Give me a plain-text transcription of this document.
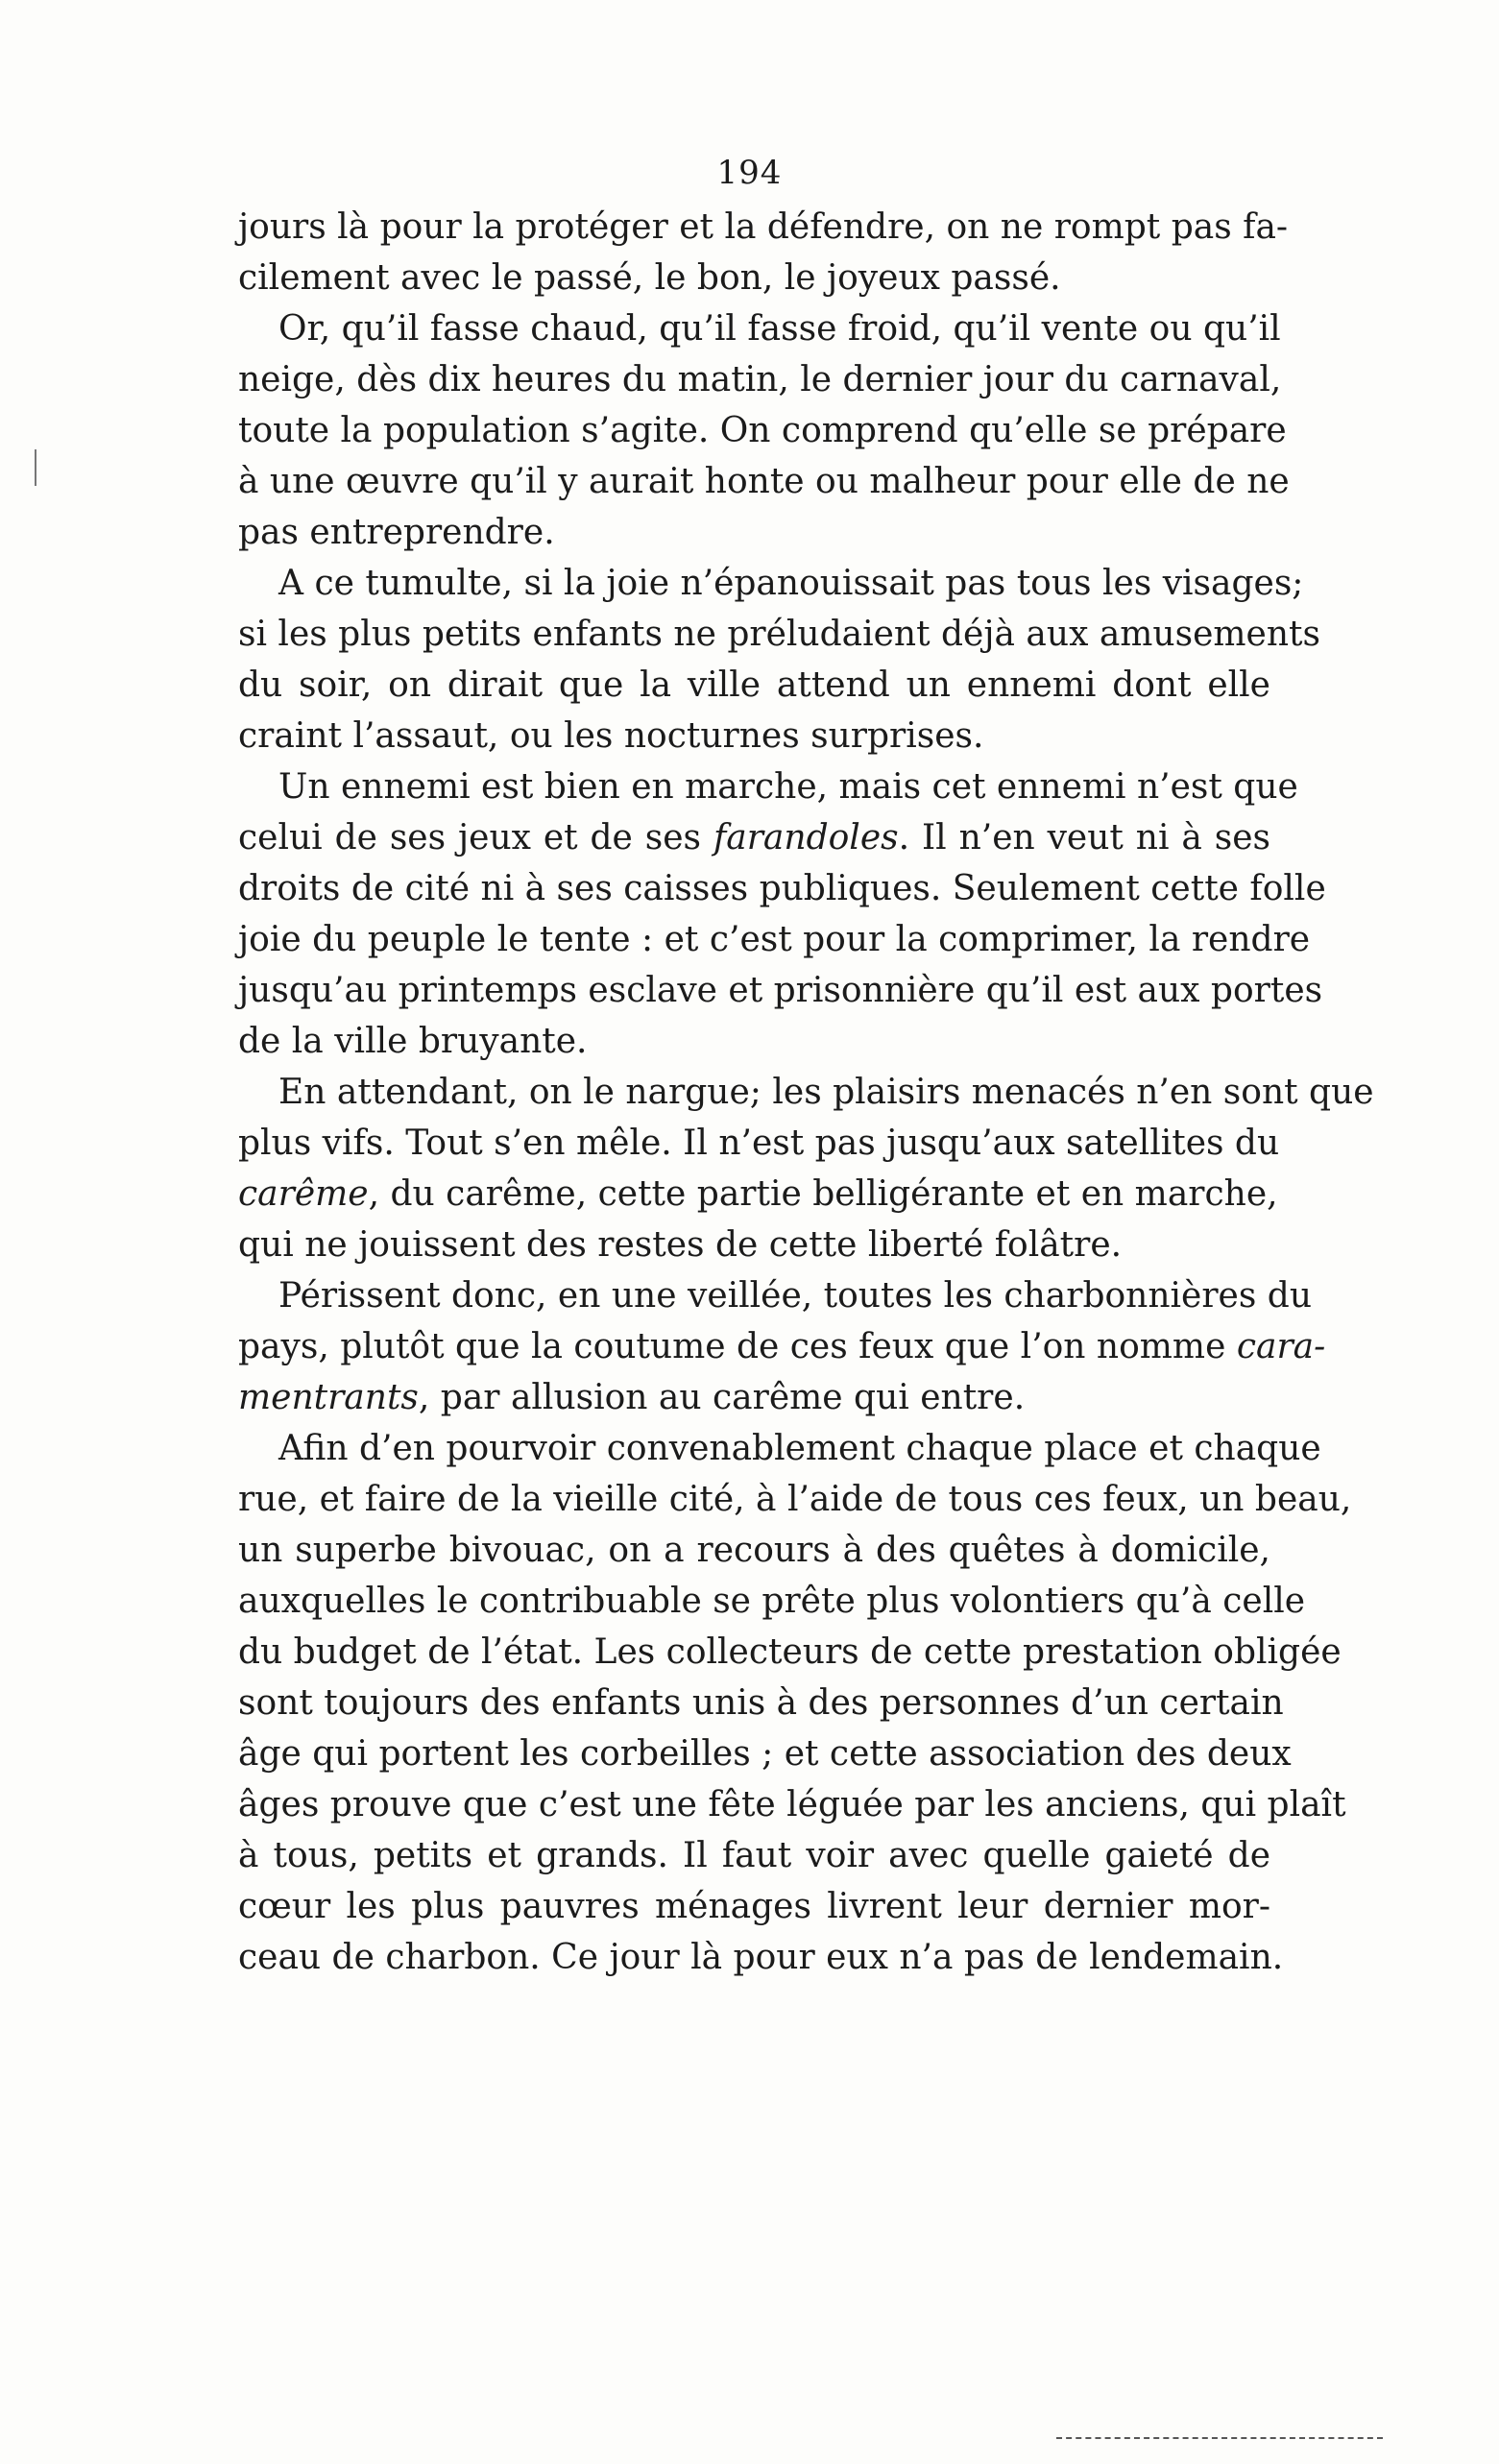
194
jours là pour la protéger et la défendre, on ne rompt pas fa-
cilement avec le passé, le bon, le joyeux passé.
Or, qu’il fasse chaud, qu’il fasse froid, qu’il vente ou qu’il
neige, dès dix heures du matin, le dernier jour du carnaval,
toute la population s’agite. On comprend qu’elle se prépare
à une œuvre qu’il y aurait honte ou malheur pour elle de ne
pas entreprendre.
A ce tumulte, si la joie n’épanouissait pas tous les visages;
si les plus petits enfants ne préludaient déjà aux amusements
du soir, on dirait que la ville attend un ennemi dont elle
craint l’assaut, ou les nocturnes surprises.
Un ennemi est bien en marche, mais cet ennemi n’est que
celui de ses jeux et de ses farandoles. Il n’en veut ni à ses
droits de cité ni à ses caisses publiques. Seulement cette folle
joie du peuple le tente : et c’est pour la comprimer, la rendre
jusqu’au printemps esclave et prisonnière qu’il est aux portes
de la ville bruyante.
En attendant, on le nargue; les plaisirs menacés n’en sont que
plus vifs. Tout s’en mêle. Il n’est pas jusqu’aux satellites du
carême, du carême, cette partie belligérante et en marche,
qui ne jouissent des restes de cette liberté folâtre.
Périssent donc, en une veillée, toutes les charbonnières du
pays, plutôt que la coutume de ces feux que l’on nomme cara-
mentrants, par allusion au carême qui entre.
Afin d’en pourvoir convenablement chaque place et chaque
rue, et faire de la vieille cité, à l’aide de tous ces feux, un beau,
un superbe bivouac, on a recours à des quêtes à domicile,
auxquelles le contribuable se prête plus volontiers qu’à celle
du budget de l’état. Les collecteurs de cette prestation obligée
sont toujours des enfants unis à des personnes d’un certain
âge qui portent les corbeilles ; et cette association des deux
âges prouve que c’est une fête léguée par les anciens, qui plaît
à tous, petits et grands. Il faut voir avec quelle gaieté de
cœur les plus pauvres ménages livrent leur dernier mor-
ceau de charbon. Ce jour là pour eux n’a pas de lendemain.
